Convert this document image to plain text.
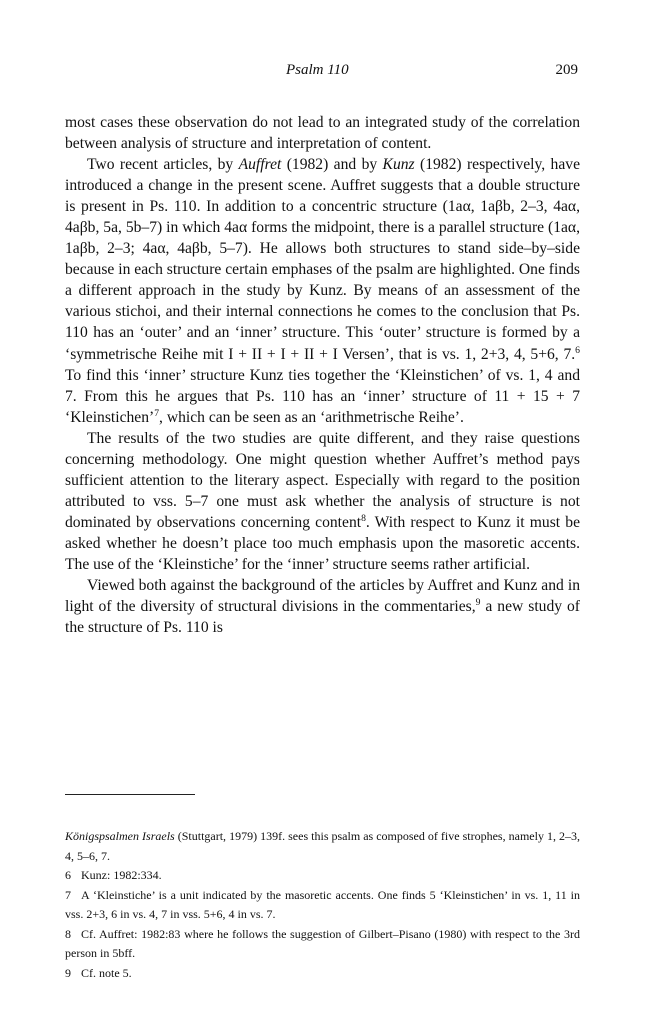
Psalm 110	209

most cases these observation do not lead to an integrated study of the correlation between analysis of structure and interpretation of content.

Two recent articles, by Auffret (1982) and by Kunz (1982) respectively, have introduced a change in the present scene. Auffret suggests that a double structure is present in Ps. 110. In addition to a concentric structure (1aα, 1aβb, 2–3, 4aα, 4aβb, 5a, 5b–7) in which 4aα forms the midpoint, there is a parallel structure (1aα, 1aβb, 2–3; 4aα, 4aβb, 5–7). He allows both structures to stand side–by–side because in each structure certain emphases of the psalm are highlighted. One finds a different approach in the study by Kunz. By means of an assessment of the various stichoi, and their internal connections he comes to the conclusion that Ps. 110 has an ‘outer’ and an ‘inner’ structure. This ‘outer’ structure is formed by a ‘symmetrische Reihe mit I + II + I + II + I Versen’, that is vs. 1, 2+3, 4, 5+6, 7.$^6$ To find this ‘inner’ structure Kunz ties together the ‘Kleinstichen’ of vs. 1, 4 and 7. From this he argues that Ps. 110 has an ‘inner’ structure of 11 + 15 + 7 ‘Kleinstichen’$^7$, which can be seen as an ‘arithmetrische Reihe’.

The results of the two studies are quite different, and they raise questions concerning methodology. One might question whether Auffret’s method pays sufficient attention to the literary aspect. Especially with regard to the position attributed to vss. 5–7 one must ask whether the analysis of structure is not dominated by observations concerning content$^8$. With respect to Kunz it must be asked whether he doesn’t place too much emphasis upon the masoretic accents. The use of the ‘Kleinstiche’ for the ‘inner’ structure seems rather artificial.

Viewed both against the background of the articles by Auffret and Kunz and in light of the diversity of structural divisions in the commentaries,$^9$ a new study of the structure of Ps. 110 is

Königspsalmen Israels (Stuttgart, 1979) 139f. sees this psalm as composed of five strophes, namely 1, 2–3, 4, 5–6, 7.

6 Kunz: 1982:334.

7 A ‘Kleinstiche’ is a unit indicated by the masoretic accents. One finds 5 ‘Kleinstichen’ in vs. 1, 11 in vss. 2+3, 6 in vs. 4, 7 in vss. 5+6, 4 in vs. 7.

8 Cf. Auffret: 1982:83 where he follows the suggestion of Gilbert–Pisano (1980) with respect to the 3rd person in 5bff.

9 Cf. note 5.
